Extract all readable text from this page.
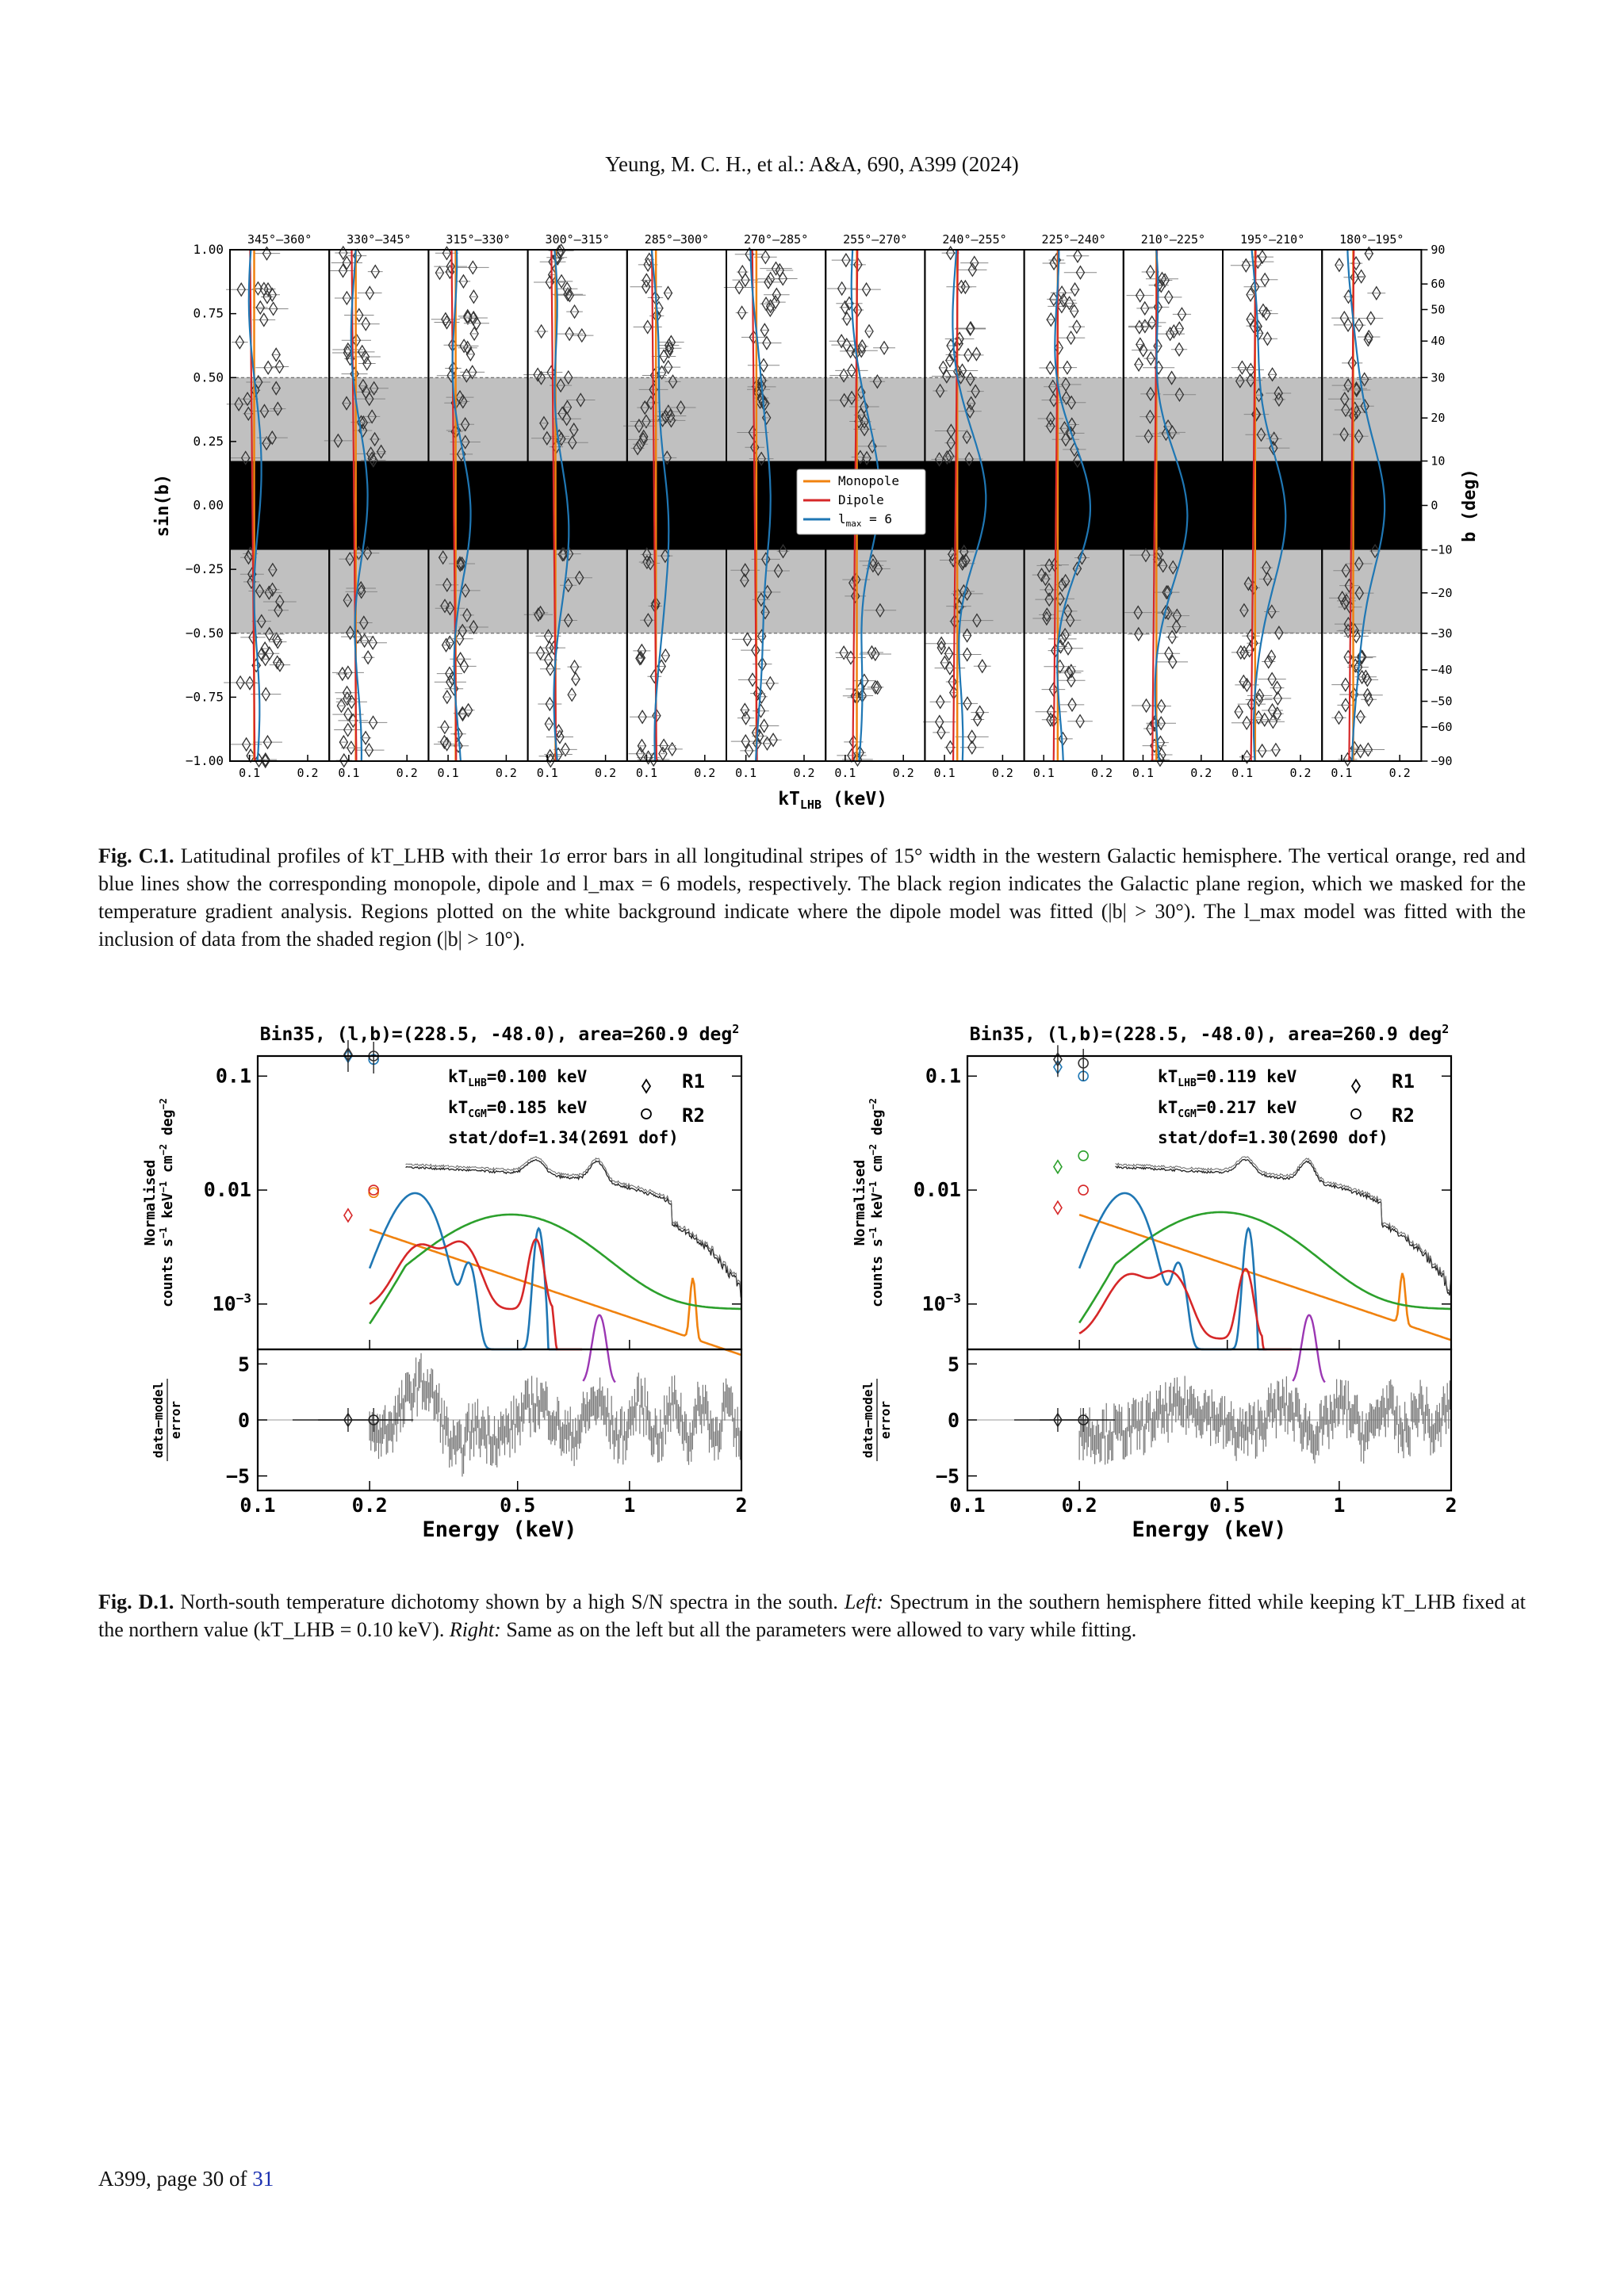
Yeung, M. C. H., et al.: A&A, 690, A399 (2024)
345°–360°
0.1	0.2
330°–345°
0.1	0.2
315°–330°
0.1	0.2
300°–315°
0.1	0.2
285°–300°
0.1	0.2
270°–285°
0.1	0.2
255°–270°
0.1	0.2
240°–255°
0.1	0.2
225°–240°
0.1	0.2
210°–225°
0.1	0.2
195°–210°
0.1	0.2
180°–195°
0.1	0.2
1.00
0.75
0.50
0.25
0.00
−0.25
−0.50
−0.75
−1.00
90
60
50
40
30
20
10
0
−10
−20
−30
−40
−50
−60
−90
sin(b)	b (deg)
$kT_{LHB}$ (keV)
Monopole
Dipole
$l_{max} = 6$
Fig. C.1. Latitudinal profiles of kT_LHB with their 1σ error bars in all longitudinal stripes of 15° width in the western Galactic hemisphere. The vertical orange, red and blue lines show the corresponding monopole, dipole and l_max = 6 models, respectively. The black region indicates the Galactic plane region, which we masked for the temperature gradient analysis. Regions plotted on the white background indicate where the dipole model was fitted (|b| > 30°). The l_max model was fitted with the inclusion of data from the shaded region (|b| > 10°).
Bin35, (l,b)=(228.5, -48.0), area=260.9 deg$^2$
$kT_{LHB}=0.100$ keV
$kT_{CGM}=0.185$ keV
stat/dof=1.34(2691 dof)
R1
R2
0.1
0.01
$10^{-3}$
5
0
−5
0.1	0.2	0.5	1	2
Energy (keV)
Normalised
counts $s^{-1}$ keV$^{-1}$ $cm^{-2}$ deg$^{-2}$
data−model error
Bin35, (l,b)=(228.5, -48.0), area=260.9 deg$^2$
$kT_{LHB}=0.119$ keV
$kT_{CGM}=0.217$ keV
stat/dof=1.30(2690 dof)
R1
R2
0.1
0.01
$10^{-3}$
5
0
−5
0.1	0.2	0.5	1	2
Energy (keV)
Normalised
counts $s^{-1}$ keV$^{-1}$ $cm^{-2}$ deg$^{-2}$
data−model error
Fig. D.1. North-south temperature dichotomy shown by a high S/N spectra in the south. Left: Spectrum in the southern hemisphere fitted while keeping kT_LHB fixed at the northern value (kT_LHB = 0.10 keV). Right: Same as on the left but all the parameters were allowed to vary while fitting.
A399, page 30 of 31
